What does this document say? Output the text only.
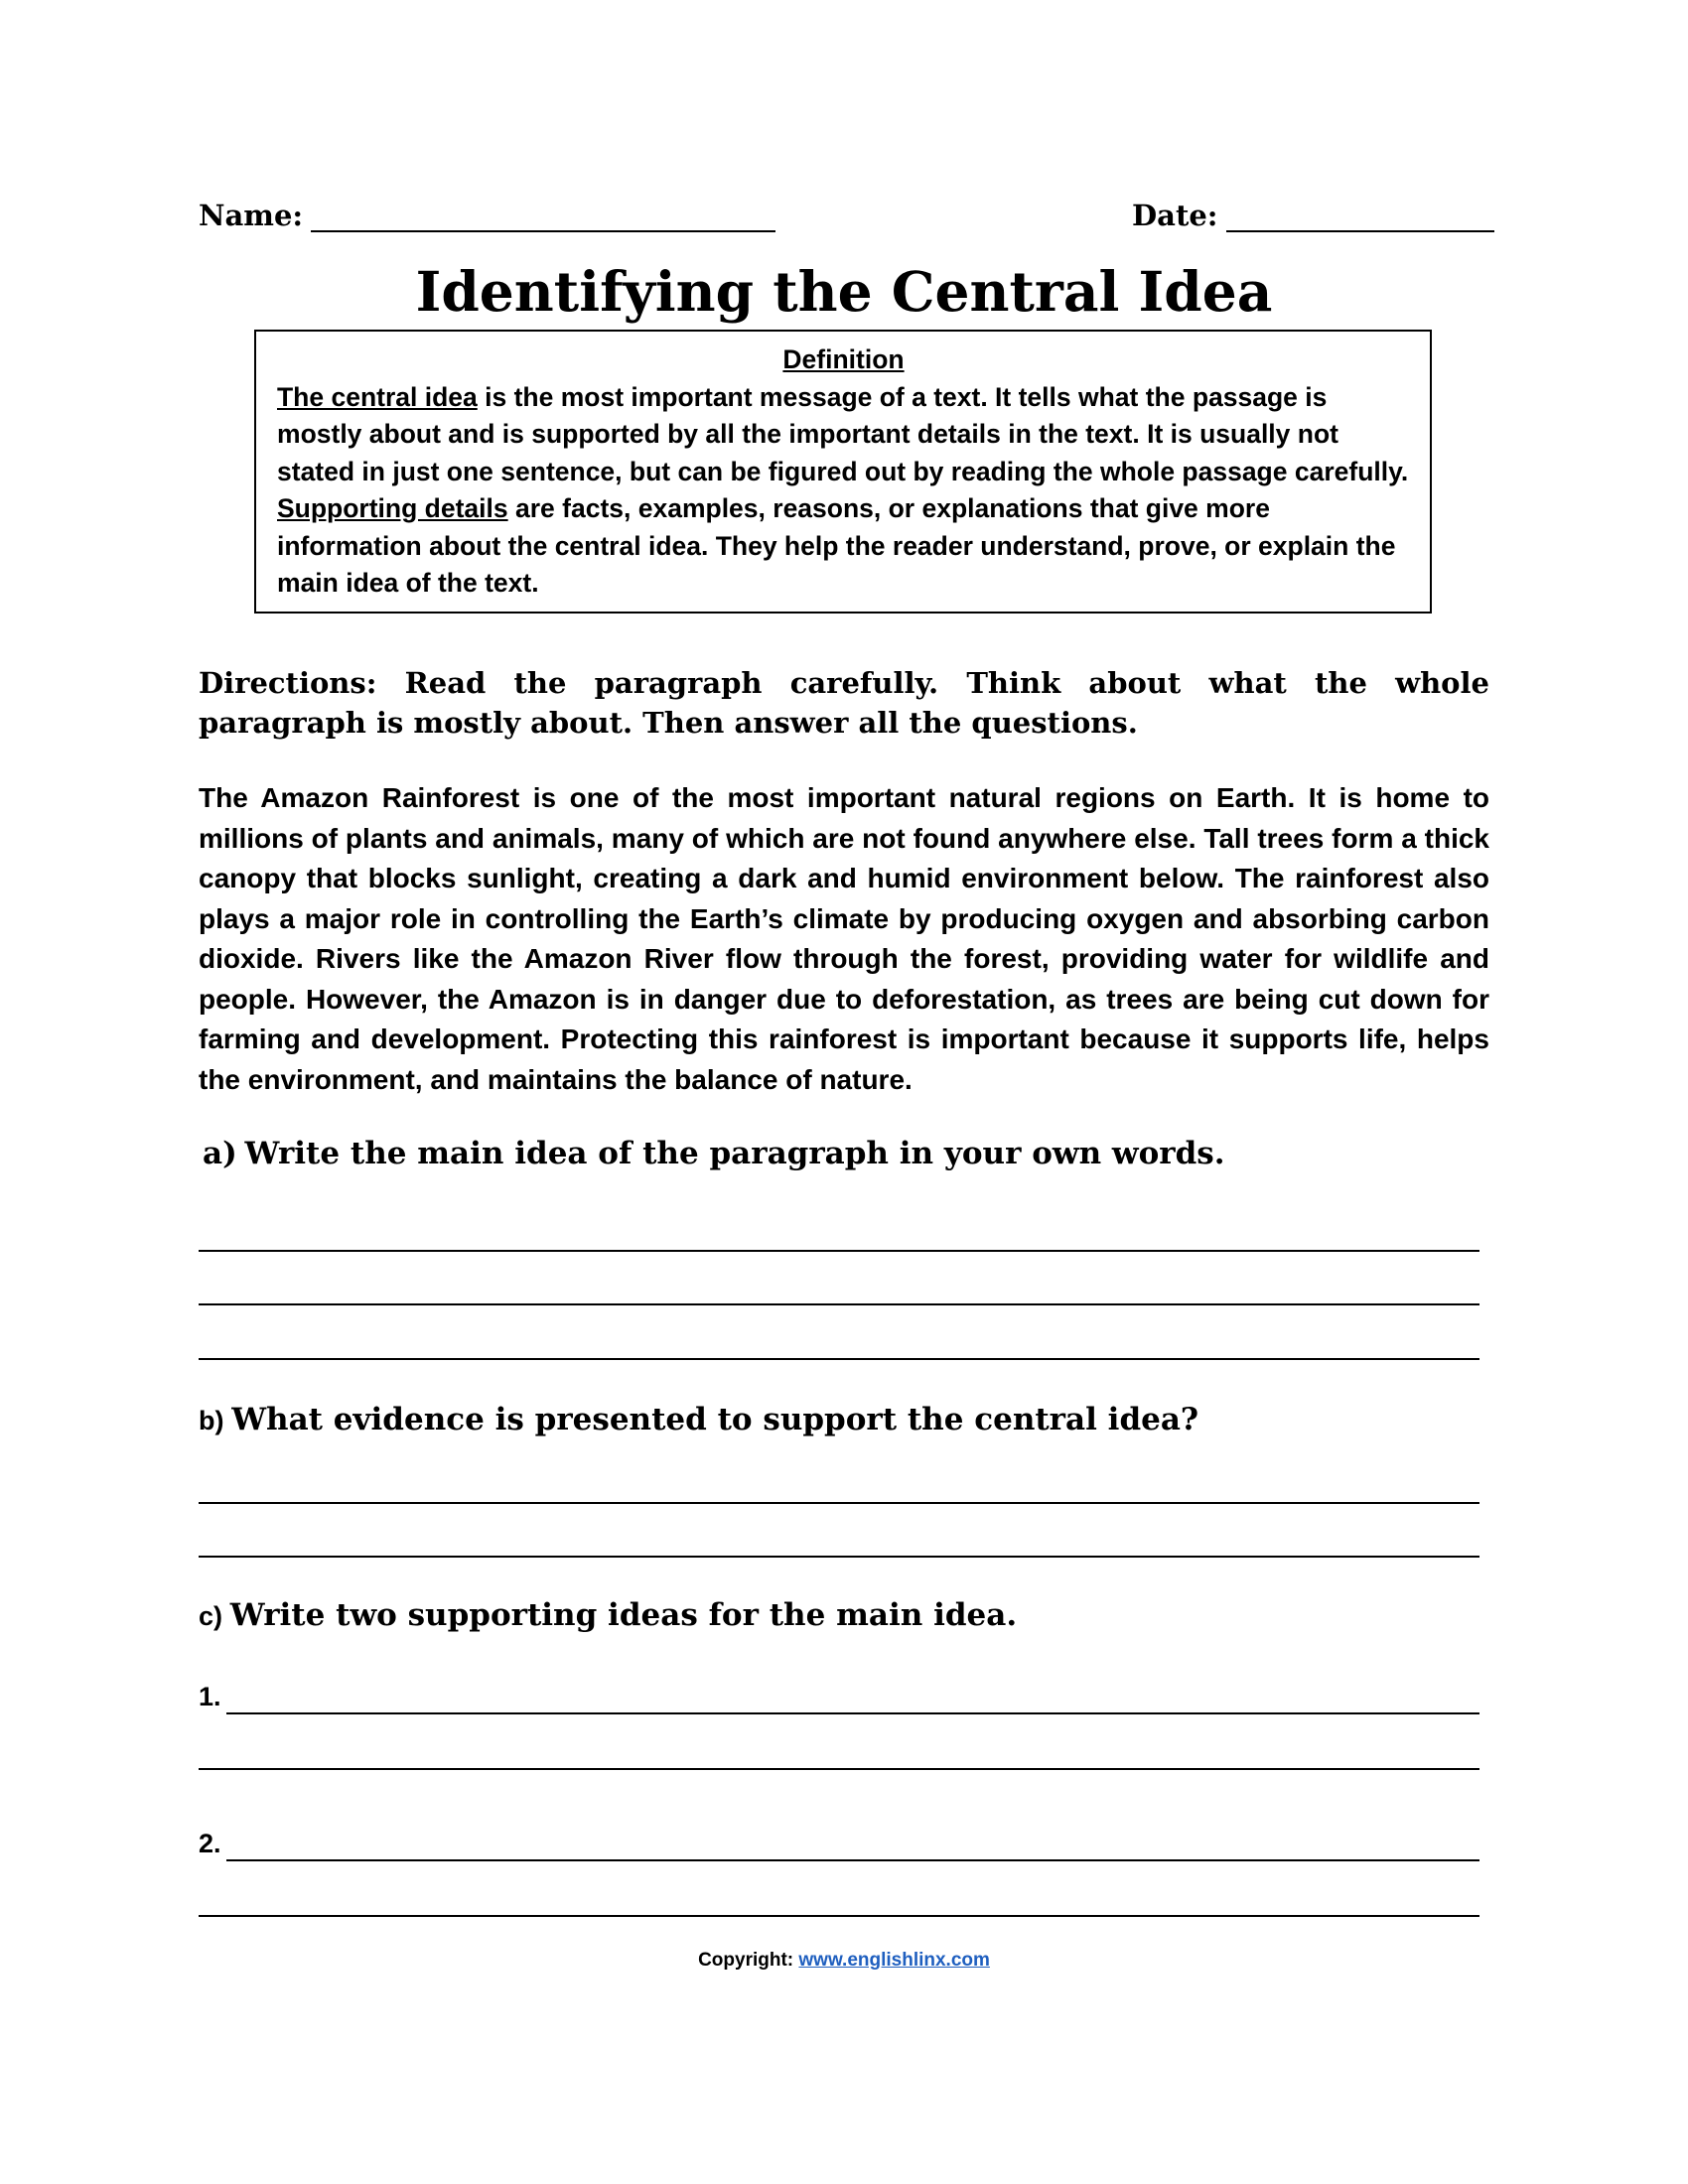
Name:	Date:
Identifying the Central Idea
Definition

The central idea is the most important message of a text. It tells what the passage is mostly about and is supported by all the important details in the text. It is usually not stated in just one sentence, but can be figured out by reading the whole passage carefully.

Supporting details are facts, examples, reasons, or explanations that give more information about the central idea. They help the reader understand, prove, or explain the main idea of the text.

Directions: Read the paragraph carefully. Think about what the whole paragraph is mostly about. Then answer all the questions.

The Amazon Rainforest is one of the most important natural regions on Earth. It is home to millions of plants and animals, many of which are not found anywhere else. Tall trees form a thick canopy that blocks sunlight, creating a dark and humid environment below. The rainforest also plays a major role in controlling the Earth’s climate by producing oxygen and absorbing carbon dioxide. Rivers like the Amazon River flow through the forest, providing water for wildlife and people. However, the Amazon is in danger due to deforestation, as trees are being cut down for farming and development. Protecting this rainforest is important because it supports life, helps the environment, and maintains the balance of nature.

a) Write the main idea of the paragraph in your own words.
b) What evidence is presented to support the central idea?
c) Write two supporting ideas for the main idea.
1.
2.
Copyright: www.englishlinx.com
